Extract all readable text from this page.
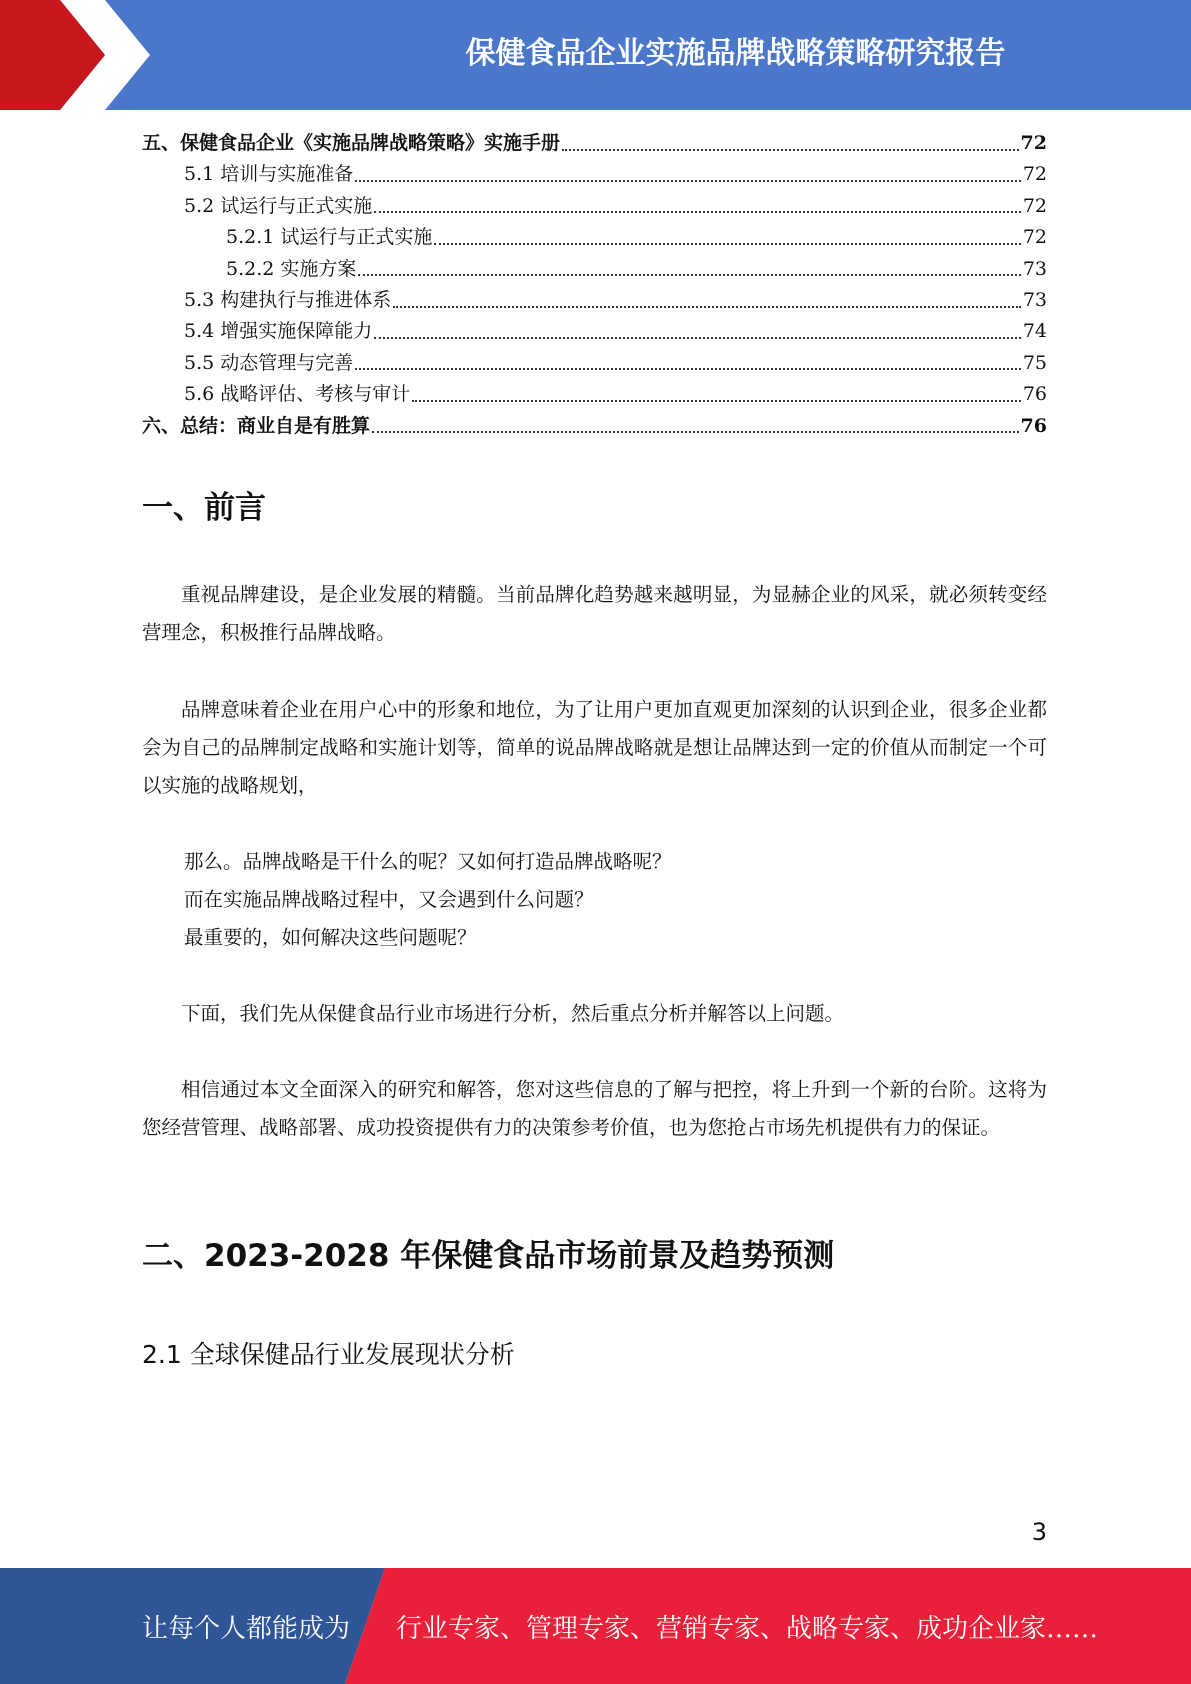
保健食品企业实施品牌战略策略研究报告
五、保健食品企业《实施品牌战略策略》实施手册	72
5.1 培训与实施准备	72
5.2 试运行与正式实施	72
5.2.1 试运行与正式实施	72
5.2.2 实施方案	73
5.3 构建执行与推进体系	73
5.4 增强实施保障能力	74
5.5 动态管理与完善	75
5.6 战略评估、考核与审计	76
六、总结：商业自是有胜算	76
一、前言

重视品牌建设，是企业发展的精髓。当前品牌化趋势越来越明显，为显赫企业的风采，就必须转变经营理念，积极推行品牌战略。

品牌意味着企业在用户心中的形象和地位，为了让用户更加直观更加深刻的认识到企业，很多企业都会为自己的品牌制定战略和实施计划等，简单的说品牌战略就是想让品牌达到一定的价值从而制定一个可以实施的战略规划，

那么。品牌战略是干什么的呢？又如何打造品牌战略呢？

而在实施品牌战略过程中，又会遇到什么问题？

最重要的，如何解决这些问题呢？

下面，我们先从保健食品行业市场进行分析，然后重点分析并解答以上问题。

相信通过本文全面深入的研究和解答，您对这些信息的了解与把控，将上升到一个新的台阶。这将为您经营管理、战略部署、成功投资提供有力的决策参考价值，也为您抢占市场先机提供有力的保证。

二、2023-2028 年保健食品市场前景及趋势预测
2.1 全球保健品行业发展现状分析
3
让每个人都能成为 行业专家、管理专家、营销专家、战略专家、成功企业家……
